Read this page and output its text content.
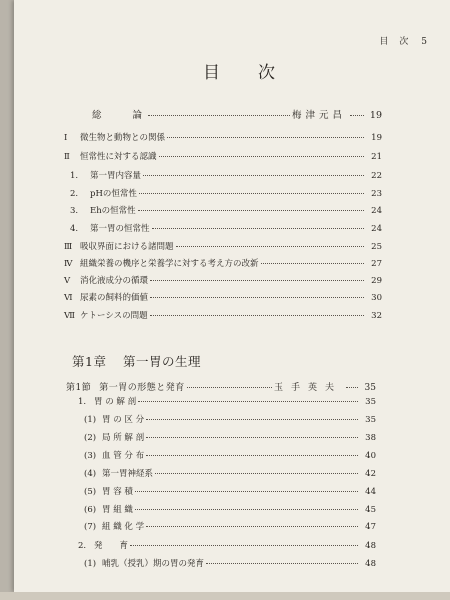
目　次 5
目次
総　　論	梅津元昌	19
Ⅰ	微生物と動物との関係	19
Ⅱ	恒常性に対する認識	21
1.	第一胃内容量	22
2.	pHの恒常性	23
3.	Ehの恒常性	24
4.	第一胃の恒常性	24
Ⅲ 吸収界面における諸問題	25
Ⅳ 組織栄養の機序と栄養学に対する考え方の改新	27
Ⅴ	消化液成分の循環	29
Ⅵ 尿素の飼料的価値	30
Ⅶ ケトーシスの問題	32
第1章 第一胃の生理
第1節 第一胃の形態と発育	玉手英夫	35
1. 胃 の 解 剖	35
(1) 胃 の 区 分	35
(2) 局 所 解 剖	38
(3) 血 管 分 布	40
(4) 第一胃神経系	42
(5) 胃 容 積	44
(6) 胃 組 織	45
(7) 組 織 化 学	47
2. 発　　育	48
(1) 哺乳（授乳）期の胃の発育	48
